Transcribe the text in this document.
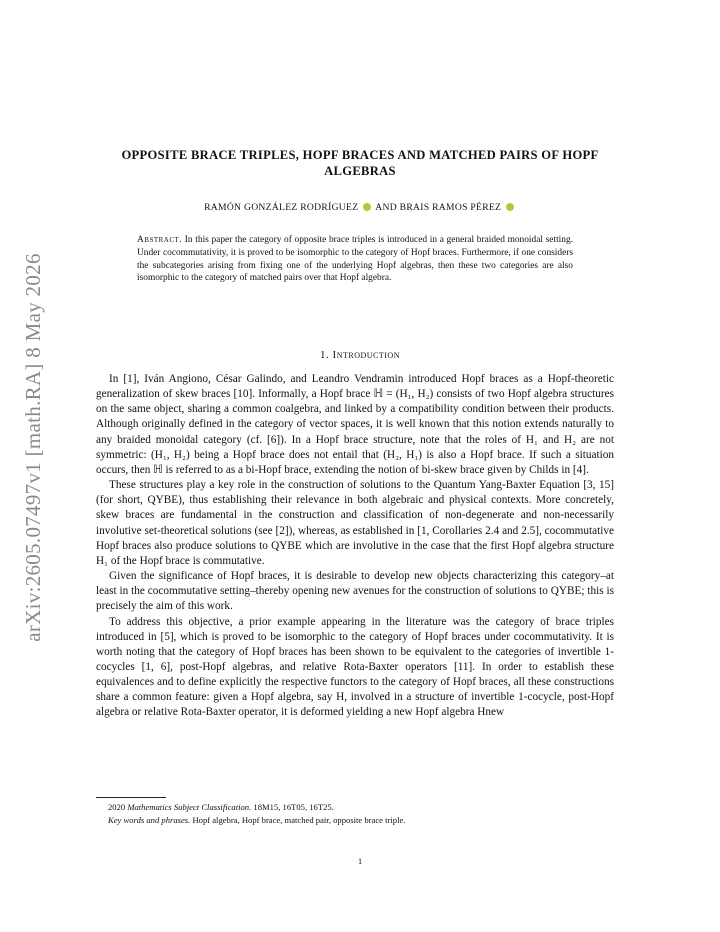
arXiv:2605.07497v1 [math.RA] 8 May 2026
OPPOSITE BRACE TRIPLES, HOPF BRACES AND MATCHED PAIRS OF HOPF ALGEBRAS
RAMÓN GONZÁLEZ RODRÍGUEZ AND BRAIS RAMOS PÉREZ
Abstract. In this paper the category of opposite brace triples is introduced in a general braided monoidal setting. Under cocommutativity, it is proved to be isomorphic to the category of Hopf braces. Furthermore, if one considers the subcategories arising from fixing one of the underlying Hopf algebras, then these two categories are also isomorphic to the category of matched pairs over that Hopf algebra.
1. Introduction

In [1], Iván Angiono, César Galindo, and Leandro Vendramin introduced Hopf braces as a Hopf-theoretic generalization of skew braces [10]. Informally, a Hopf brace ℍ = (H₁, H₂) consists of two Hopf algebra structures on the same object, sharing a common coalgebra, and linked by a compatibility condition between their products. Although originally defined in the category of vector spaces, it is well known that this notion extends naturally to any braided monoidal category (cf. [6]). In a Hopf brace structure, note that the roles of H₁ and H₂ are not symmetric: (H₁, H₂) being a Hopf brace does not entail that (H₂, H₁) is also a Hopf brace. If such a situation occurs, then ℍ is referred to as a bi-Hopf brace, extending the notion of bi-skew brace given by Childs in [4].

These structures play a key role in the construction of solutions to the Quantum Yang-Baxter Equation [3, 15] (for short, QYBE), thus establishing their relevance in both algebraic and physical contexts. More concretely, skew braces are fundamental in the construction and classification of non-degenerate and non-necessarily involutive set-theoretical solutions (see [2]), whereas, as established in [1, Corollaries 2.4 and 2.5], cocommutative Hopf braces also produce solutions to QYBE which are involutive in the case that the first Hopf algebra structure H₁ of the Hopf brace is commutative.

Given the significance of Hopf braces, it is desirable to develop new objects characterizing this category–at least in the cocommutative setting–thereby opening new avenues for the construction of solutions to QYBE; this is precisely the aim of this work.

To address this objective, a prior example appearing in the literature was the category of brace triples introduced in [5], which is proved to be isomorphic to the category of Hopf braces under cocommutativity. It is worth noting that the category of Hopf braces has been shown to be equivalent to the categories of invertible 1-cocycles [1, 6], post-Hopf algebras, and relative Rota-Baxter operators [11]. In order to establish these equivalences and to define explicitly the respective functors to the category of Hopf braces, all these constructions share a common feature: given a Hopf algebra, say H, involved in a structure of invertible 1-cocycle, post-Hopf algebra or relative Rota-Baxter operator, it is deformed yielding a new Hopf algebra Hnew

2020 Mathematics Subject Classification. 18M15, 16T05, 16T25.
Key words and phrases. Hopf algebra, Hopf brace, matched pair, opposite brace triple.
1
